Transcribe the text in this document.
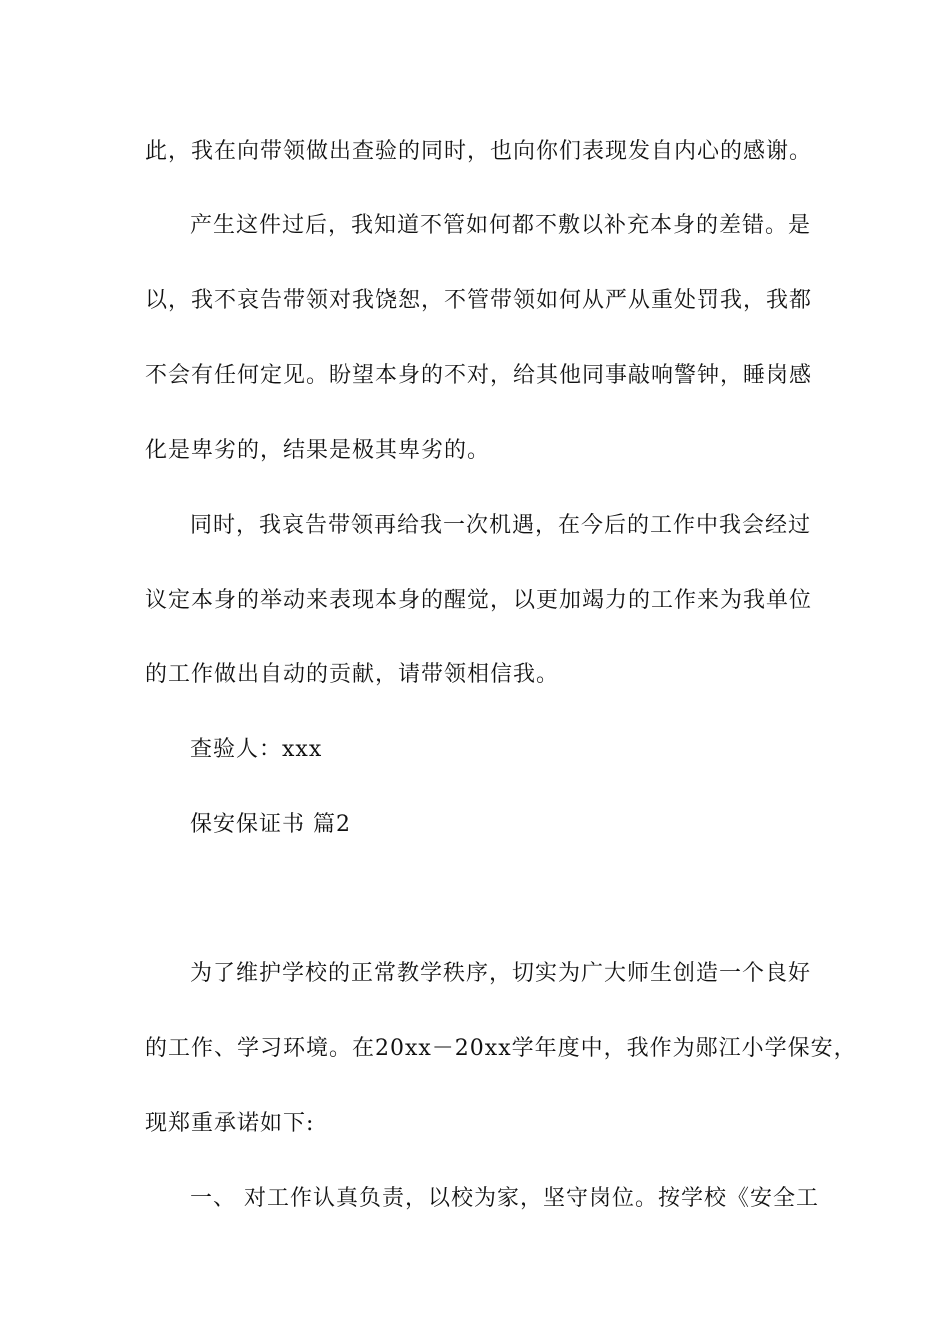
此，我在向带领做出查验的同时，也向你们表现发自内心的感谢。
产生这件过后，我知道不管如何都不敷以补充本身的差错。是
以，我不哀告带领对我饶恕，不管带领如何从严从重处罚我，我都
不会有任何定见。盼望本身的不对，给其他同事敲响警钟，睡岗感
化是卑劣的，结果是极其卑劣的。
同时，我哀告带领再给我一次机遇，在今后的工作中我会经过
议定本身的举动来表现本身的醒觉，以更加竭力的工作来为我单位
的工作做出自动的贡献，请带领相信我。
查验人：xxx
保安保证书 篇2
为了维护学校的正常教学秩序，切实为广大师生创造一个良好
的工作、学习环境。在20xx－20xx学年度中，我作为郧江小学保安，
现郑重承诺如下:
一、 对工作认真负责，以校为家，坚守岗位。按学校《安全工
